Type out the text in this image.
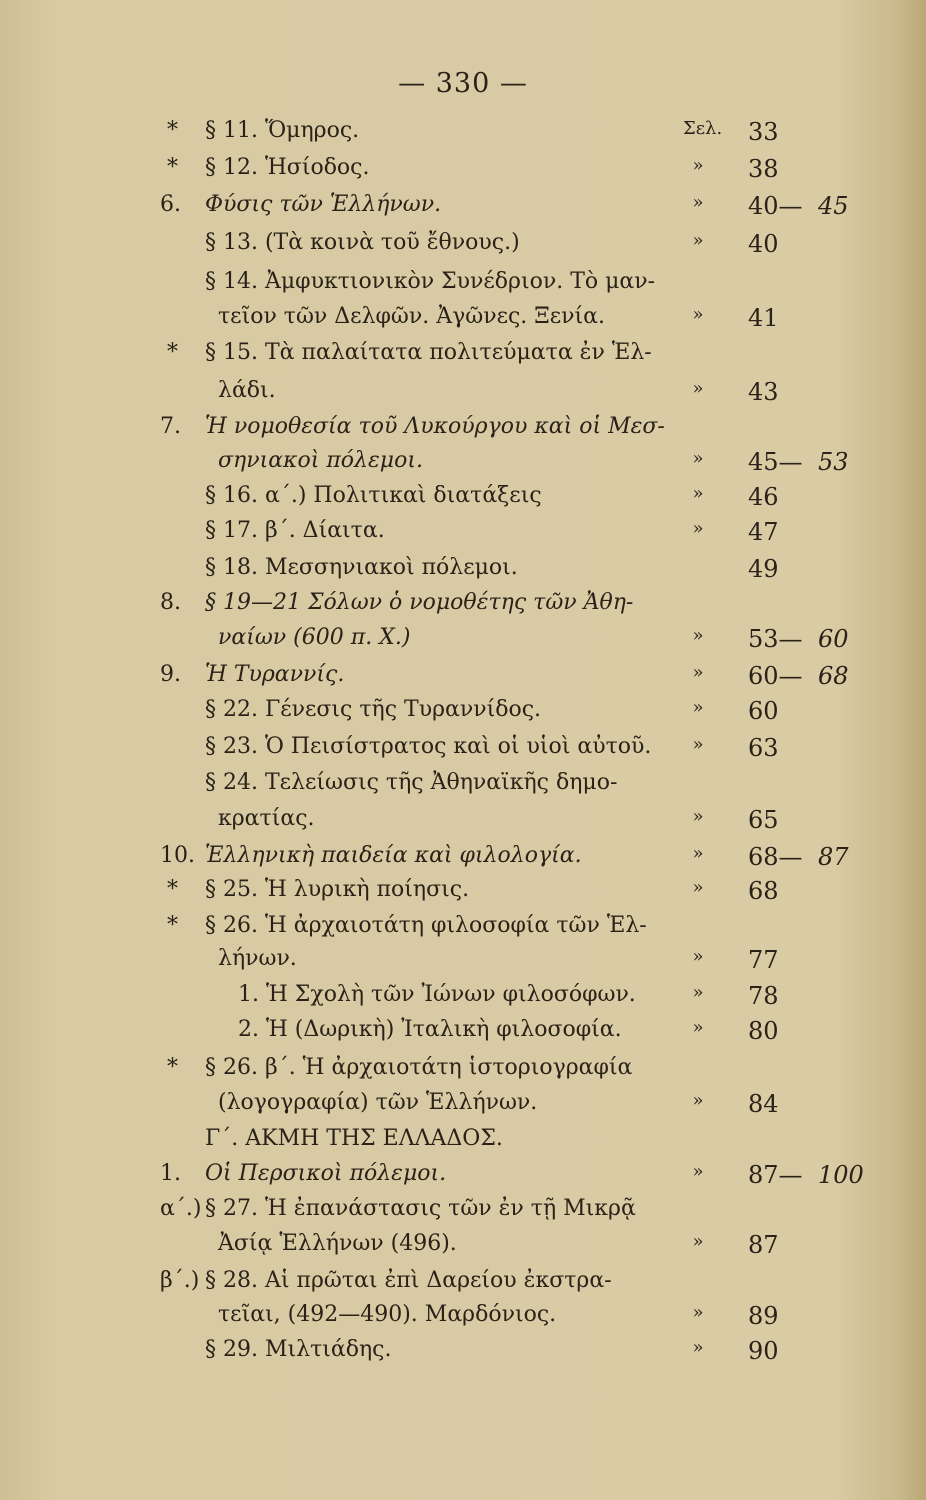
— 330 —
* § 11. Ὅμηρος.	Σελ. 33
* § 12. Ἡσίοδος.	»	38
6.	Φύσις τῶν Ἑλλήνων.	»	40— 45
§ 13. (Τὰ κοινὰ τοῦ ἔθνους.)	»	40
§ 14. Ἀμφυκτιονικὸν Συνέδριον. Τὸ μαν-
τεῖον τῶν Δελφῶν. Ἀγῶνες. Ξενία.	»	41
* § 15. Τὰ παλαίτατα πολιτεύματα ἐν Ἑλ-
λάδι.	»	43
7.	Ἡ νομοθεσία τοῦ Λυκούργου καὶ οἱ Μεσ-
σηνιακοὶ πόλεμοι.	»	45— 53
§ 16. α΄.) Πολιτικαὶ διατάξεις	»	46
§ 17. β΄. Δίαιτα.	»	47
§ 18. Μεσσηνιακοὶ πόλεμοι.	49
8.	§ 19—21 Σόλων ὁ νομοθέτης τῶν Ἀθη-
ναίων (600 π. Χ.)	»	53— 60
9.	Ἡ Τυραννίς.	»	60— 68
§ 22. Γένεσις τῆς Τυραννίδος.	»	60
§ 23. Ὁ Πεισίστρατος καὶ οἱ υἱοὶ αὐτοῦ.	»	63
§ 24. Τελείωσις τῆς Ἀθηναϊκῆς δημο-
κρατίας.	»	65
10. Ἑλληνικὴ παιδεία καὶ φιλολογία.	»	68— 87
* § 25. Ἡ λυρικὴ ποίησις.	»	68
* § 26. Ἡ ἀρχαιοτάτη φιλοσοφία τῶν Ἑλ-
λήνων.	»	77
1. Ἡ Σχολὴ τῶν Ἰώνων φιλοσόφων.	»	78
2. Ἡ (Δωρικὴ) Ἰταλικὴ φιλοσοφία.	»	80
* § 26. β΄. Ἡ ἀρχαιοτάτη ἱστοριογραφία
(λογογραφία) τῶν Ἑλλήνων.	»	84
Γ΄. ΑΚΜΗ ΤΗΣ ΕΛΛΑΔΟΣ.
1.	Οἱ Περσικοὶ πόλεμοι.	»	87— 100
α΄.) § 27. Ἡ ἐπανάστασις τῶν ἐν τῇ Μικρᾷ
Ἀσίᾳ Ἑλλήνων (496).	»	87
β΄.) § 28. Αἱ πρῶται ἐπὶ Δαρείου ἐκστρα-
τεῖαι, (492—490). Μαρδόνιος.	»	89
§ 29. Μιλτιάδης.	»	90
